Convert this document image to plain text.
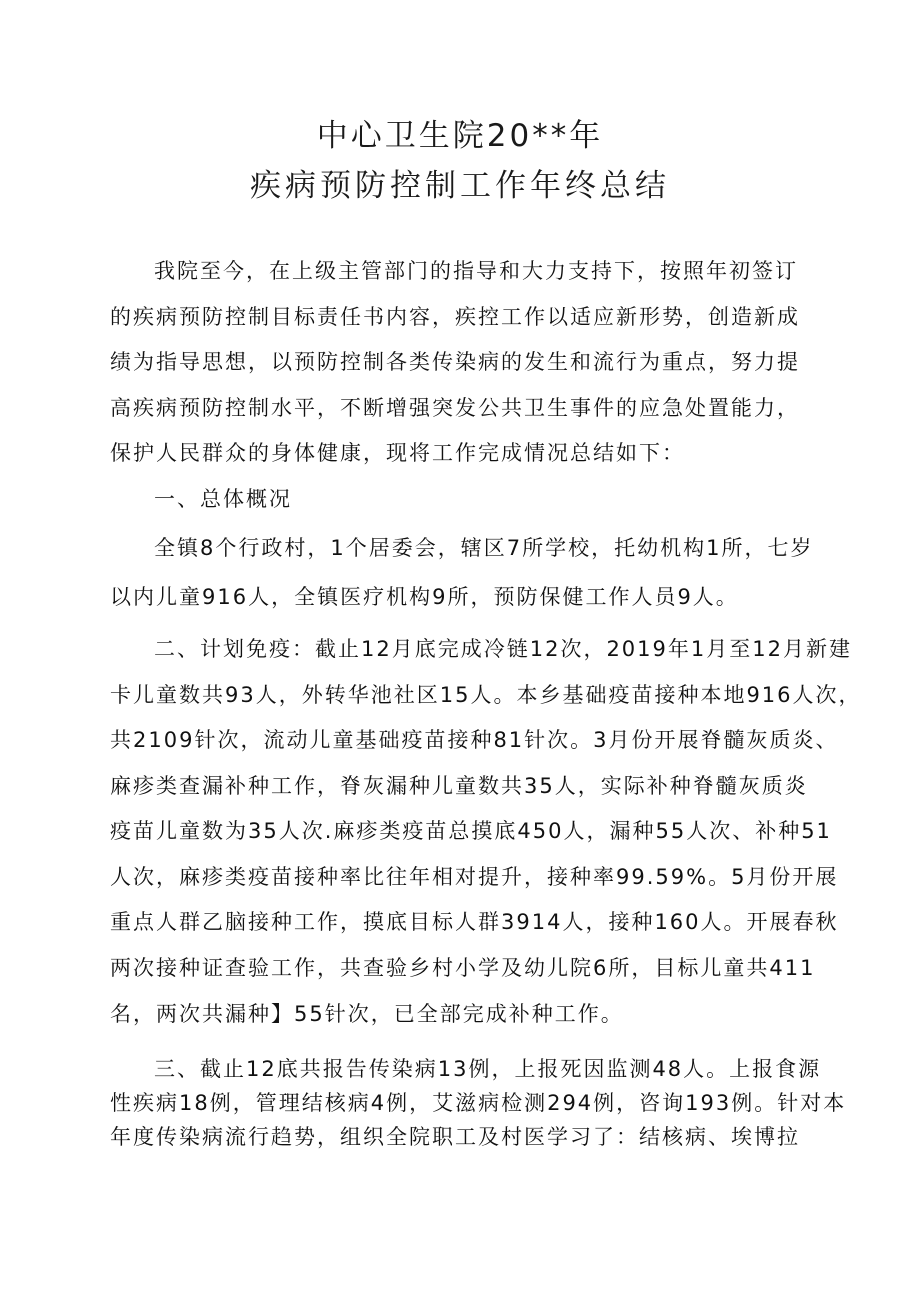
中心卫生院20**年
疾病预防控制工作年终总结
我院至今，在上级主管部门的指导和大力支持下，按照年初签订
的疾病预防控制目标责任书内容，疾控工作以适应新形势，创造新成
绩为指导思想，以预防控制各类传染病的发生和流行为重点，努力提
高疾病预防控制水平，不断增强突发公共卫生事件的应急处置能力，
保护人民群众的身体健康，现将工作完成情况总结如下：
一、总体概况
全镇8个行政村，1个居委会，辖区7所学校，托幼机构1所，七岁
以内儿童916人，全镇医疗机构9所，预防保健工作人员9人。
二、计划免疫：截止12月底完成冷链12次，2019年1月至12月新建
卡儿童数共93人，外转华池社区15人。本乡基础疫苗接种本地916人次，
共2109针次，流动儿童基础疫苗接种81针次。3月份开展脊髓灰质炎、
麻疹类查漏补种工作，脊灰漏种儿童数共35人，实际补种脊髓灰质炎
疫苗儿童数为35人次.麻疹类疫苗总摸底450人，漏种55人次、补种51
人次，麻疹类疫苗接种率比往年相对提升，接种率99.59%。5月份开展
重点人群乙脑接种工作，摸底目标人群3914人，接种160人。开展春秋
两次接种证查验工作，共查验乡村小学及幼儿院6所，目标儿童共411
名，两次共漏种】55针次，已全部完成补种工作。
三、截止12底共报告传染病13例，上报死因监测48人。上报食源
性疾病18例，管理结核病4例，艾滋病检测294例，咨询193例。针对本
年度传染病流行趋势，组织全院职工及村医学习了：结核病、埃博拉
